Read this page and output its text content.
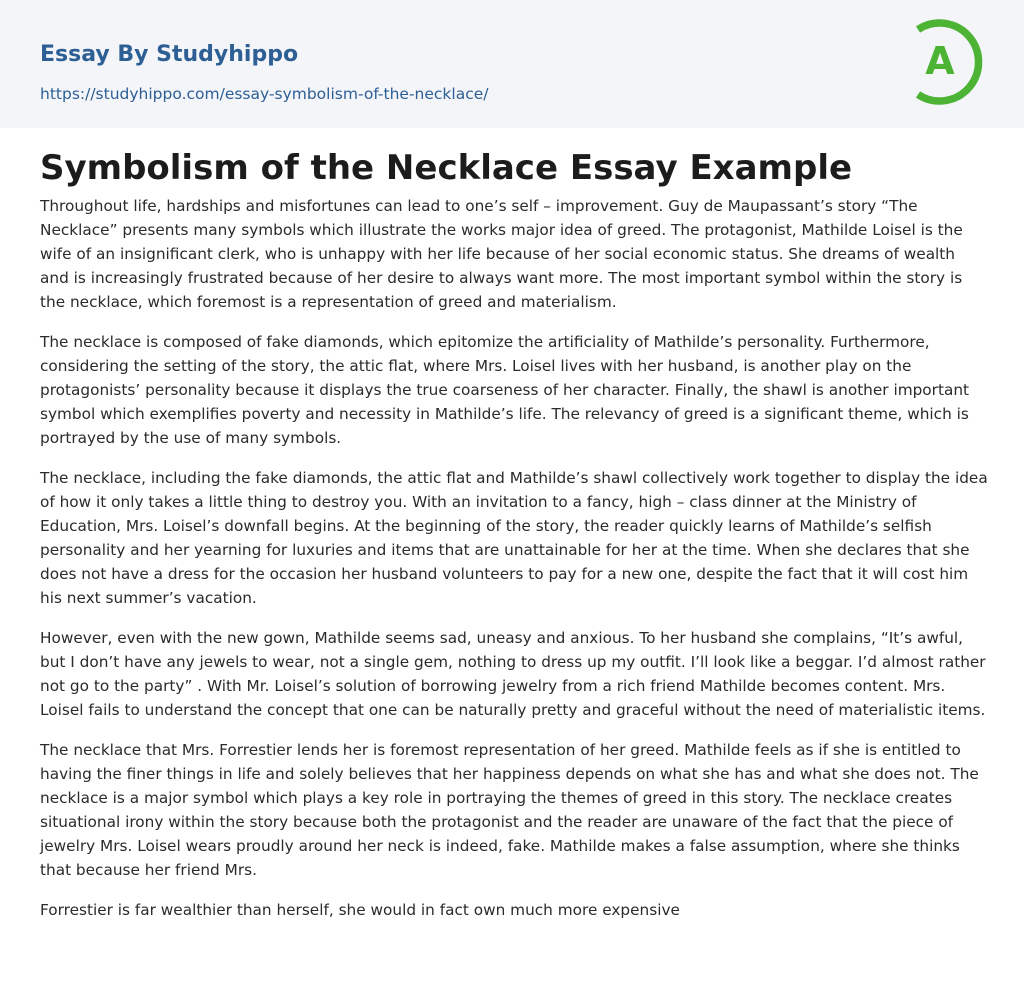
Essay By Studyhippo
https://studyhippo.com/essay-symbolism-of-the-necklace/
A
Symbolism of the Necklace Essay Example

Throughout life, hardships and misfortunes can lead to one’s self – improvement. Guy de Maupassant’s story “The Necklace” presents many symbols which illustrate the works major idea of greed. The protagonist, Mathilde Loisel is the wife of an insignificant clerk, who is unhappy with her life because of her social economic status. She dreams of wealth and is increasingly frustrated because of her desire to always want more. The most important symbol within the story is the necklace, which foremost is a representation of greed and materialism.

The necklace is composed of fake diamonds, which epitomize the artificiality of Mathilde’s personality. Furthermore, considering the setting of the story, the attic flat, where Mrs. Loisel lives with her husband, is another play on the protagonists’ personality because it displays the true coarseness of her character. Finally, the shawl is another important symbol which exemplifies poverty and necessity in Mathilde’s life. The relevancy of greed is a significant theme, which is portrayed by the use of many symbols.

The necklace, including the fake diamonds, the attic flat and Mathilde’s shawl collectively work together to display the idea of how it only takes a little thing to destroy you. With an invitation to a fancy, high – class dinner at the Ministry of Education, Mrs. Loisel’s downfall begins. At the beginning of the story, the reader quickly learns of Mathilde’s selfish personality and her yearning for luxuries and items that are unattainable for her at the time. When she declares that she does not have a dress for the occasion her husband volunteers to pay for a new one, despite the fact that it will cost him his next summer’s vacation.

However, even with the new gown, Mathilde seems sad, uneasy and anxious. To her husband she complains, “It’s awful, but I don’t have any jewels to wear, not a single gem, nothing to dress up my outfit. I’ll look like a beggar. I’d almost rather not go to the party” . With Mr. Loisel’s solution of borrowing jewelry from a rich friend Mathilde becomes content. Mrs. Loisel fails to understand the concept that one can be naturally pretty and graceful without the need of materialistic items.

The necklace that Mrs. Forrestier lends her is foremost representation of her greed. Mathilde feels as if she is entitled to having the finer things in life and solely believes that her happiness depends on what she has and what she does not. The necklace is a major symbol which plays a key role in portraying the themes of greed in this story. The necklace creates situational irony within the story because both the protagonist and the reader are unaware of the fact that the piece of jewelry Mrs. Loisel wears proudly around her neck is indeed, fake. Mathilde makes a false assumption, where she thinks that because her friend Mrs.

Forrestier is far wealthier than herself, she would in fact own much more expensive
